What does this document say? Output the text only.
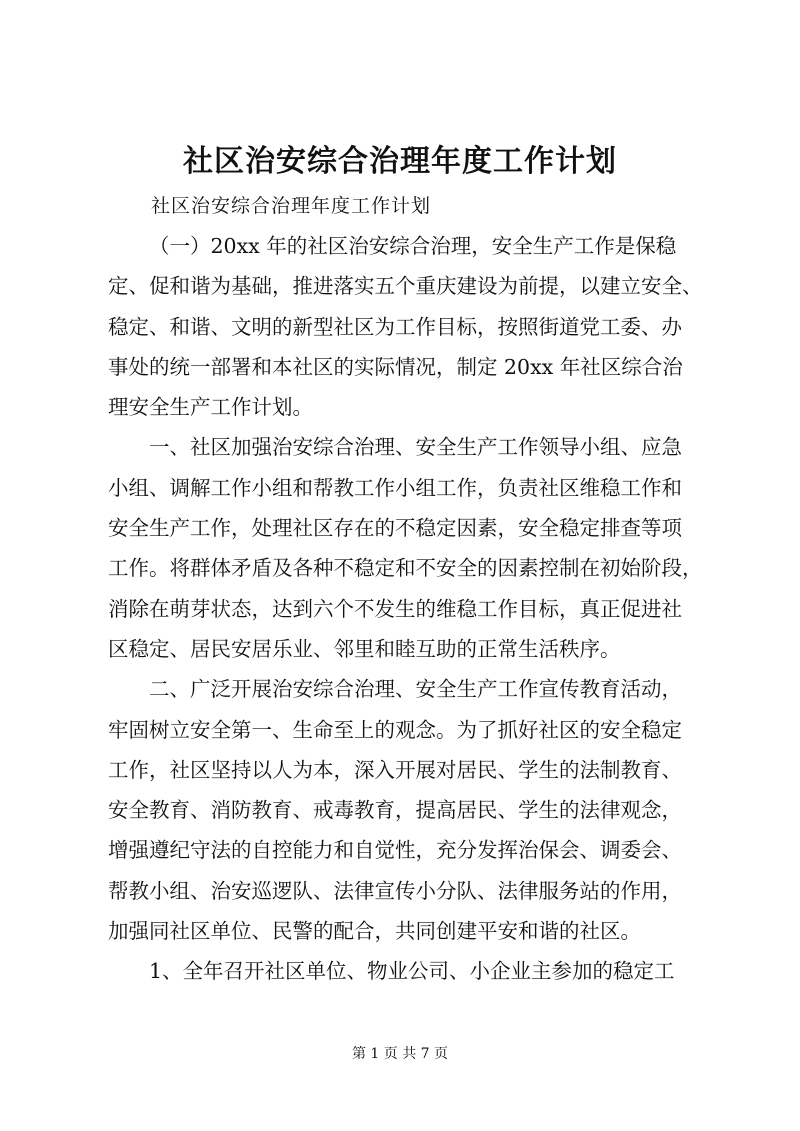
社区治安综合治理年度工作计划

社区治安综合治理年度工作计划

（一）20xx 年的社区治安综合治理，安全生产工作是保稳
定、促和谐为基础，推进落实五个重庆建设为前提，以建立安全、
稳定、和谐、文明的新型社区为工作目标，按照街道党工委、办
事处的统一部署和本社区的实际情况，制定 20xx 年社区综合治
理安全生产工作计划。

一、社区加强治安综合治理、安全生产工作领导小组、应急
小组、调解工作小组和帮教工作小组工作，负责社区维稳工作和
安全生产工作，处理社区存在的不稳定因素，安全稳定排查等项
工作。将群体矛盾及各种不稳定和不安全的因素控制在初始阶段，
消除在萌芽状态，达到六个不发生的维稳工作目标，真正促进社
区稳定、居民安居乐业、邻里和睦互助的正常生活秩序。

二、广泛开展治安综合治理、安全生产工作宣传教育活动，
牢固树立安全第一、生命至上的观念。为了抓好社区的安全稳定
工作，社区坚持以人为本，深入开展对居民、学生的法制教育、
安全教育、消防教育、戒毒教育，提高居民、学生的法律观念，
增强遵纪守法的自控能力和自觉性，充分发挥治保会、调委会、
帮教小组、治安巡逻队、法律宣传小分队、法律服务站的作用，
加强同社区单位、民警的配合，共同创建平安和谐的社区。

1、全年召开社区单位、物业公司、小企业主参加的稳定工

第 1 页 共 7 页
